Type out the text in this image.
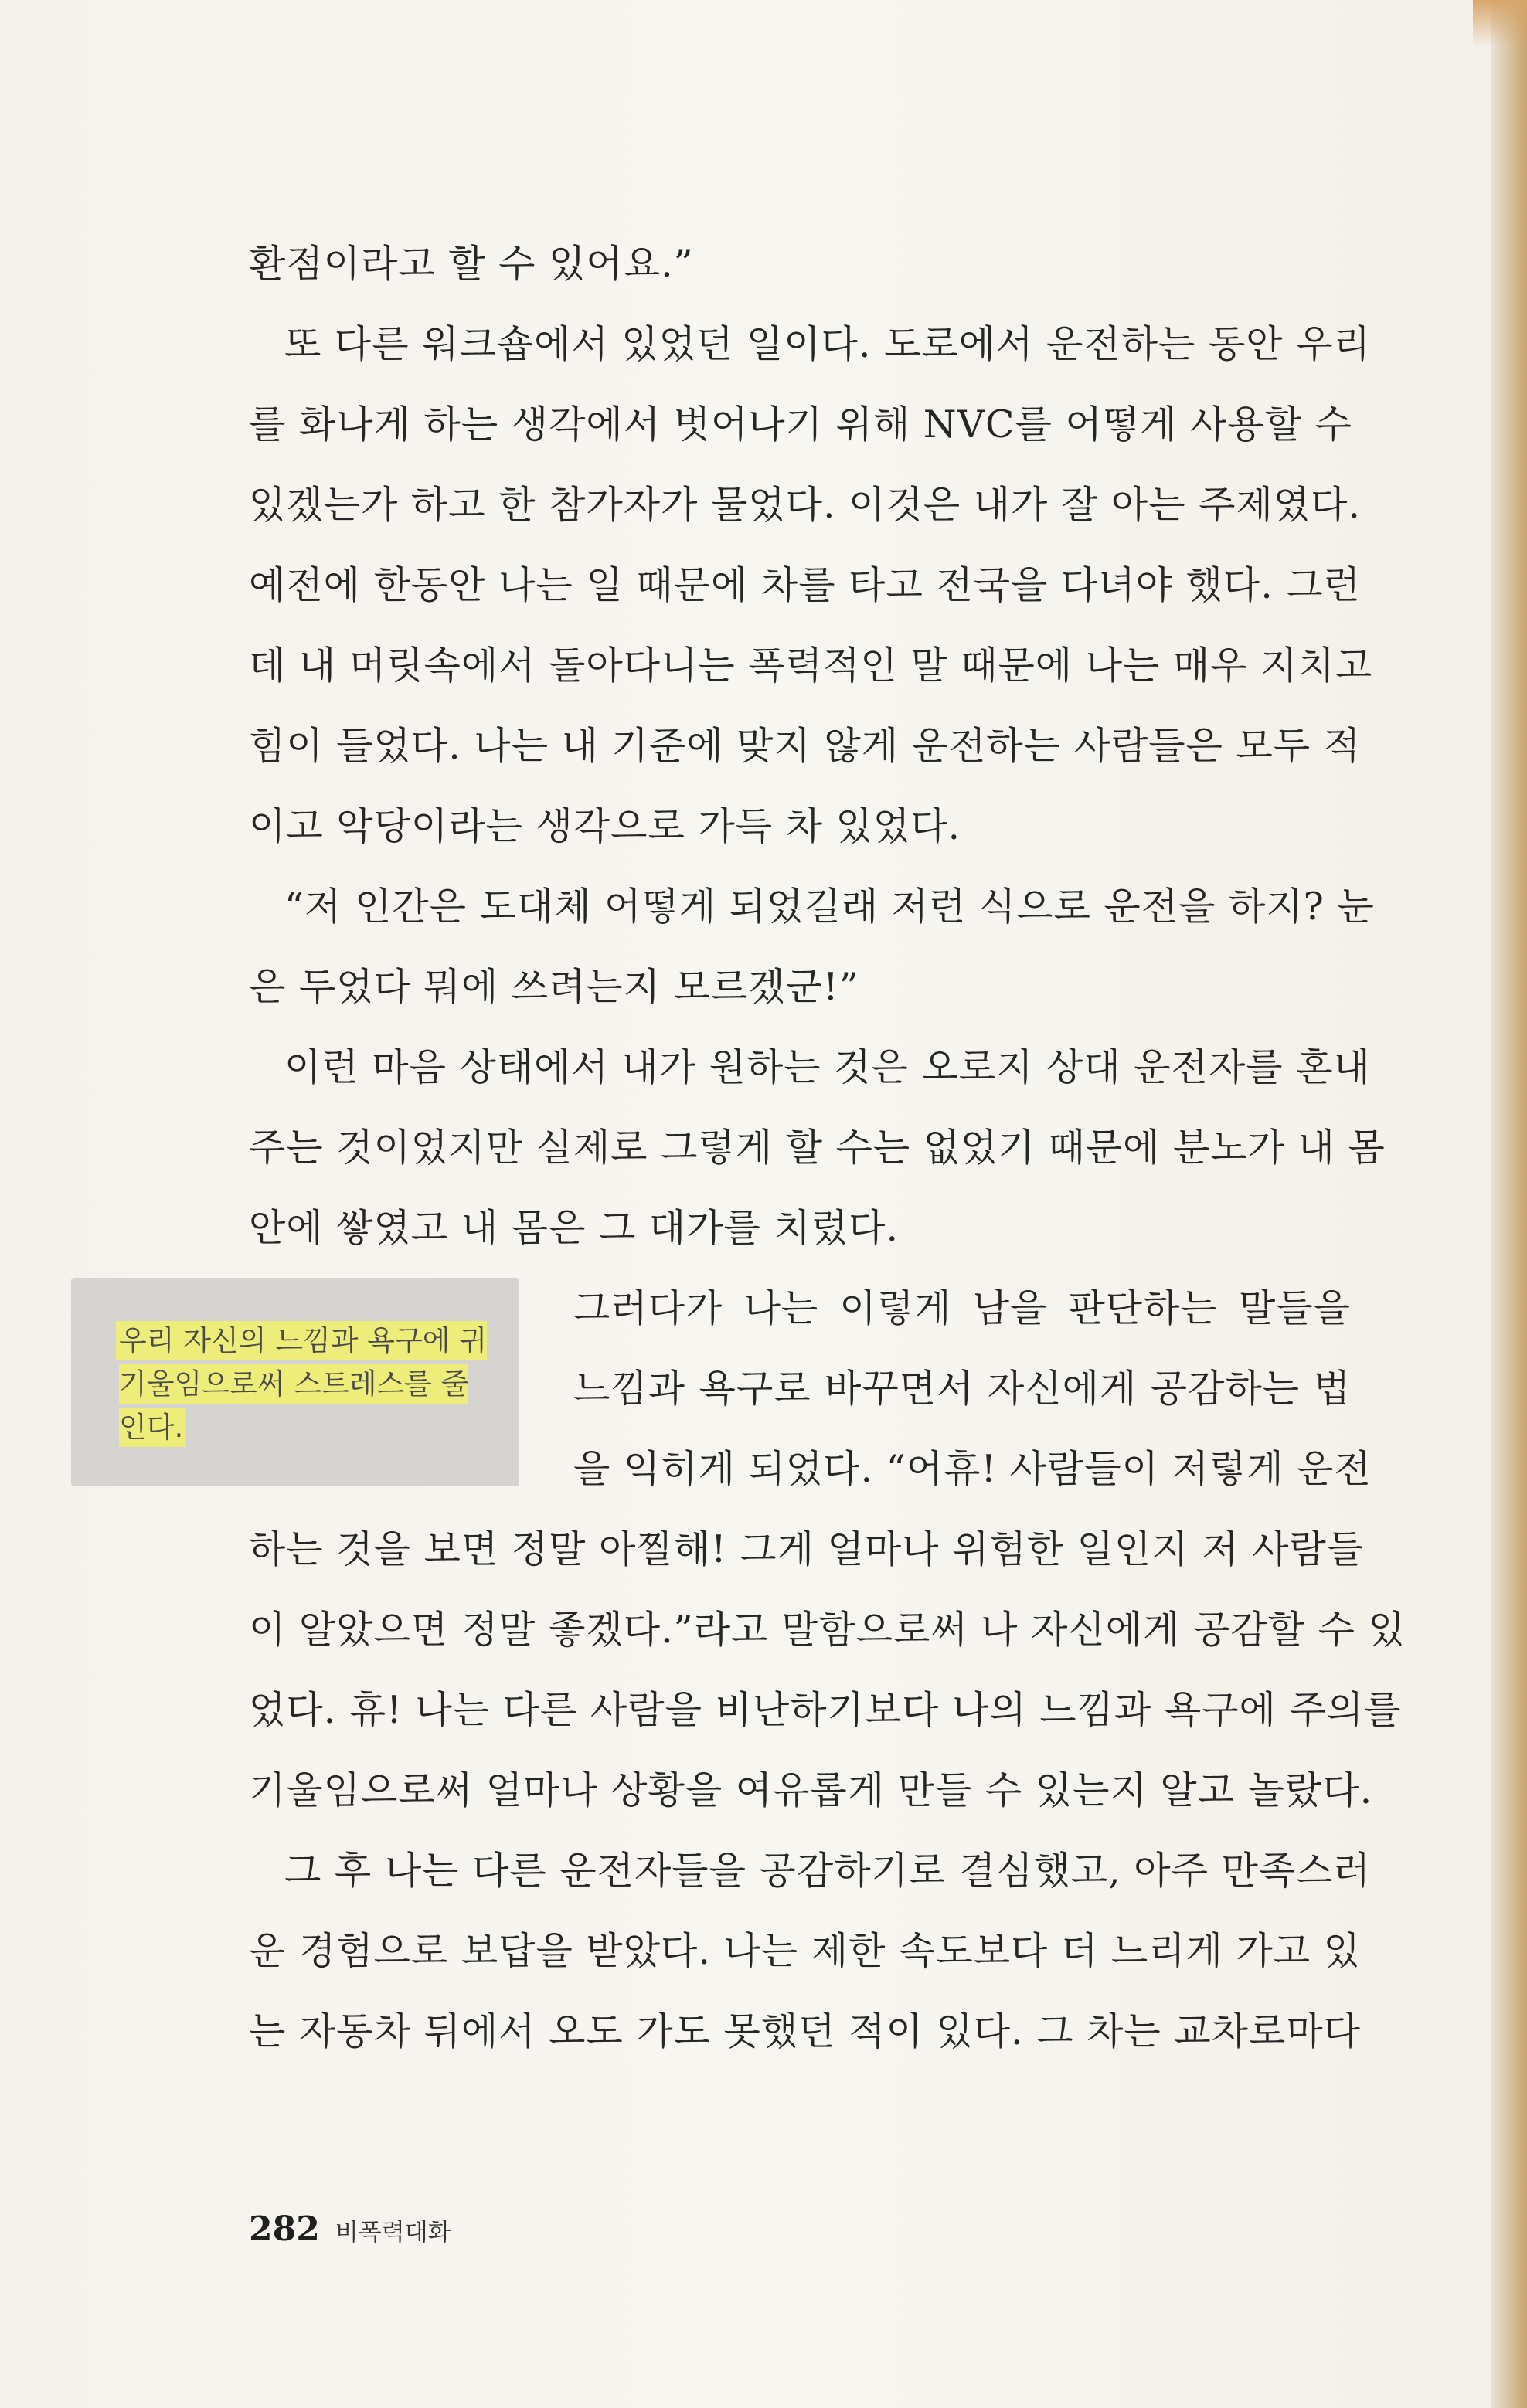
환점이라고 할 수 있어요.”
또 다른 워크숍에서 있었던 일이다. 도로에서 운전하는 동안 우리
를 화나게 하는 생각에서 벗어나기 위해 NVC를 어떻게 사용할 수
있겠는가 하고 한 참가자가 물었다. 이것은 내가 잘 아는 주제였다.
예전에 한동안 나는 일 때문에 차를 타고 전국을 다녀야 했다. 그런
데 내 머릿속에서 돌아다니는 폭력적인 말 때문에 나는 매우 지치고
힘이 들었다. 나는 내 기준에 맞지 않게 운전하는 사람들은 모두 적
이고 악당이라는 생각으로 가득 차 있었다.
“저 인간은 도대체 어떻게 되었길래 저런 식으로 운전을 하지? 눈
은 두었다 뭐에 쓰려는지 모르겠군!”
이런 마음 상태에서 내가 원하는 것은 오로지 상대 운전자를 혼내
주는 것이었지만 실제로 그렇게 할 수는 없었기 때문에 분노가 내 몸
안에 쌓였고 내 몸은 그 대가를 치렀다.
그러다가 나는 이렇게 남을 판단하는 말들을
느낌과 욕구로 바꾸면서 자신에게 공감하는 법
을 익히게 되었다. “어휴! 사람들이 저렇게 운전
하는 것을 보면 정말 아찔해! 그게 얼마나 위험한 일인지 저 사람들
이 알았으면 정말 좋겠다.”라고 말함으로써 나 자신에게 공감할 수 있
었다. 휴! 나는 다른 사람을 비난하기보다 나의 느낌과 욕구에 주의를
기울임으로써 얼마나 상황을 여유롭게 만들 수 있는지 알고 놀랐다.
그 후 나는 다른 운전자들을 공감하기로 결심했고, 아주 만족스러
운 경험으로 보답을 받았다. 나는 제한 속도보다 더 느리게 가고 있
는 자동차 뒤에서 오도 가도 못했던 적이 있다. 그 차는 교차로마다
우리 자신의 느낌과 욕구에 귀 기울임으로써 스트레스를 줄인다.
282 비폭력대화
